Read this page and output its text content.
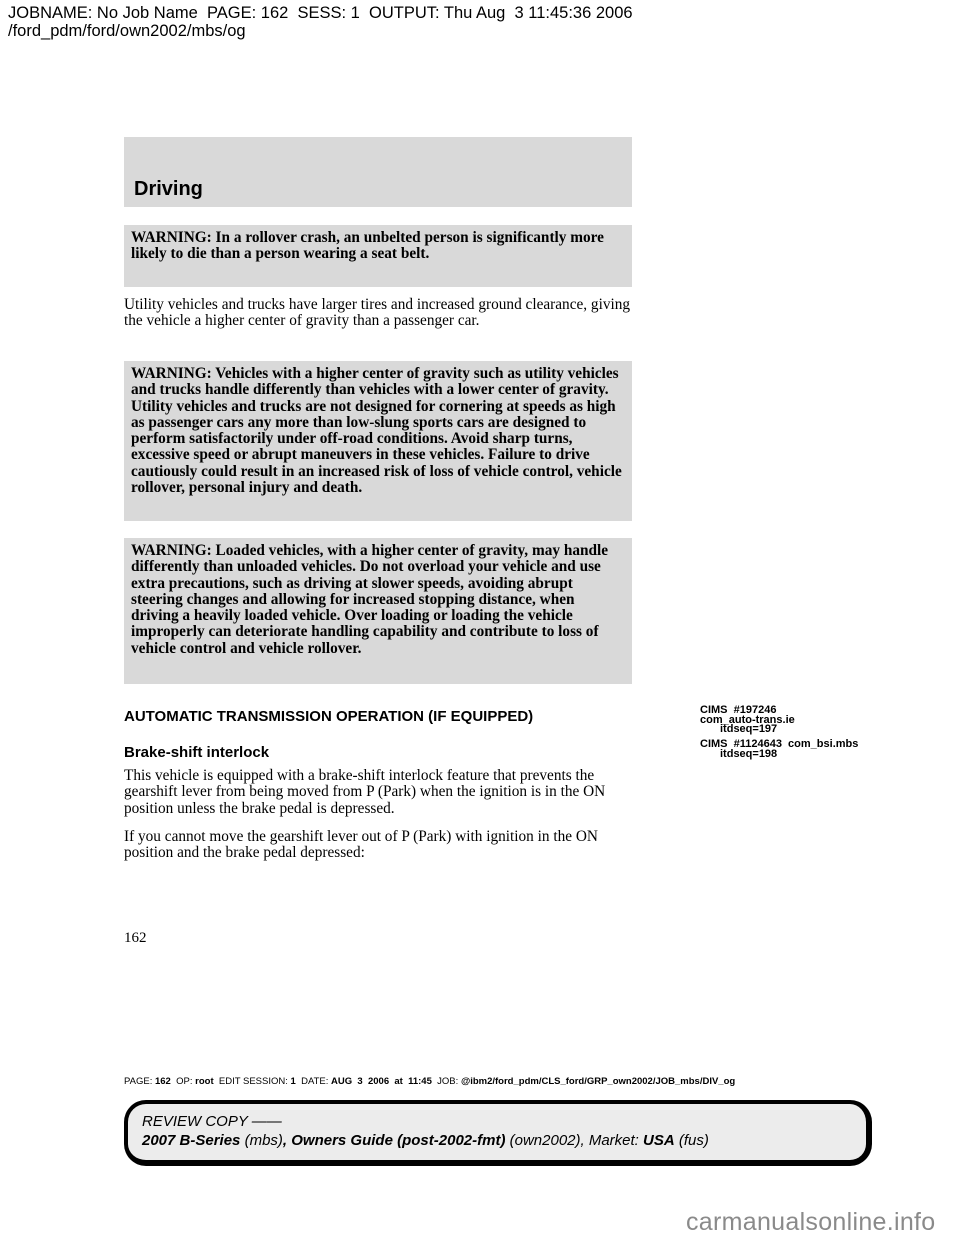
JOBNAME: No Job Name  PAGE: 162  SESS: 1  OUTPUT: Thu Aug  3 11:45:36 2006
/ford_pdm/ford/own2002/mbs/og
Driving
WARNING: In a rollover crash, an unbelted person is significantly more likely to die than a person wearing a seat belt.
Utility vehicles and trucks have larger tires and increased ground clearance, giving the vehicle a higher center of gravity than a passenger car.
WARNING: Vehicles with a higher center of gravity such as utility vehicles and trucks handle differently than vehicles with a lower center of gravity. Utility vehicles and trucks are not designed for cornering at speeds as high as passenger cars any more than low-slung sports cars are designed to perform satisfactorily under off-road conditions. Avoid sharp turns, excessive speed or abrupt maneuvers in these vehicles. Failure to drive cautiously could result in an increased risk of loss of vehicle control, vehicle rollover, personal injury and death.
WARNING: Loaded vehicles, with a higher center of gravity, may handle differently than unloaded vehicles. Do not overload your vehicle and use extra precautions, such as driving at slower speeds, avoiding abrupt steering changes and allowing for increased stopping distance, when driving a heavily loaded vehicle. Over loading or loading the vehicle improperly can deteriorate handling capability and contribute to loss of vehicle control and vehicle rollover.
AUTOMATIC TRANSMISSION OPERATION (IF EQUIPPED)
Brake-shift interlock
This vehicle is equipped with a brake-shift interlock feature that prevents the gearshift lever from being moved from P (Park) when the ignition is in the ON position unless the brake pedal is depressed.
If you cannot move the gearshift lever out of P (Park) with ignition in the ON position and the brake pedal depressed:
CIMS  #197246
com_auto-trans.ie
itdseq=197
CIMS  #1124643  com_bsi.mbs
itdseq=198
162
PAGE: 162  OP: root  EDIT SESSION: 1  DATE: AUG  3  2006  at  11:45  JOB: @ibm2/ford_pdm/CLS_ford/GRP_own2002/JOB_mbs/DIV_og
REVIEW COPY ——
2007 B-Series (mbs), Owners Guide (post-2002-fmt) (own2002), Market: USA (fus)
carmanualsonline.info
